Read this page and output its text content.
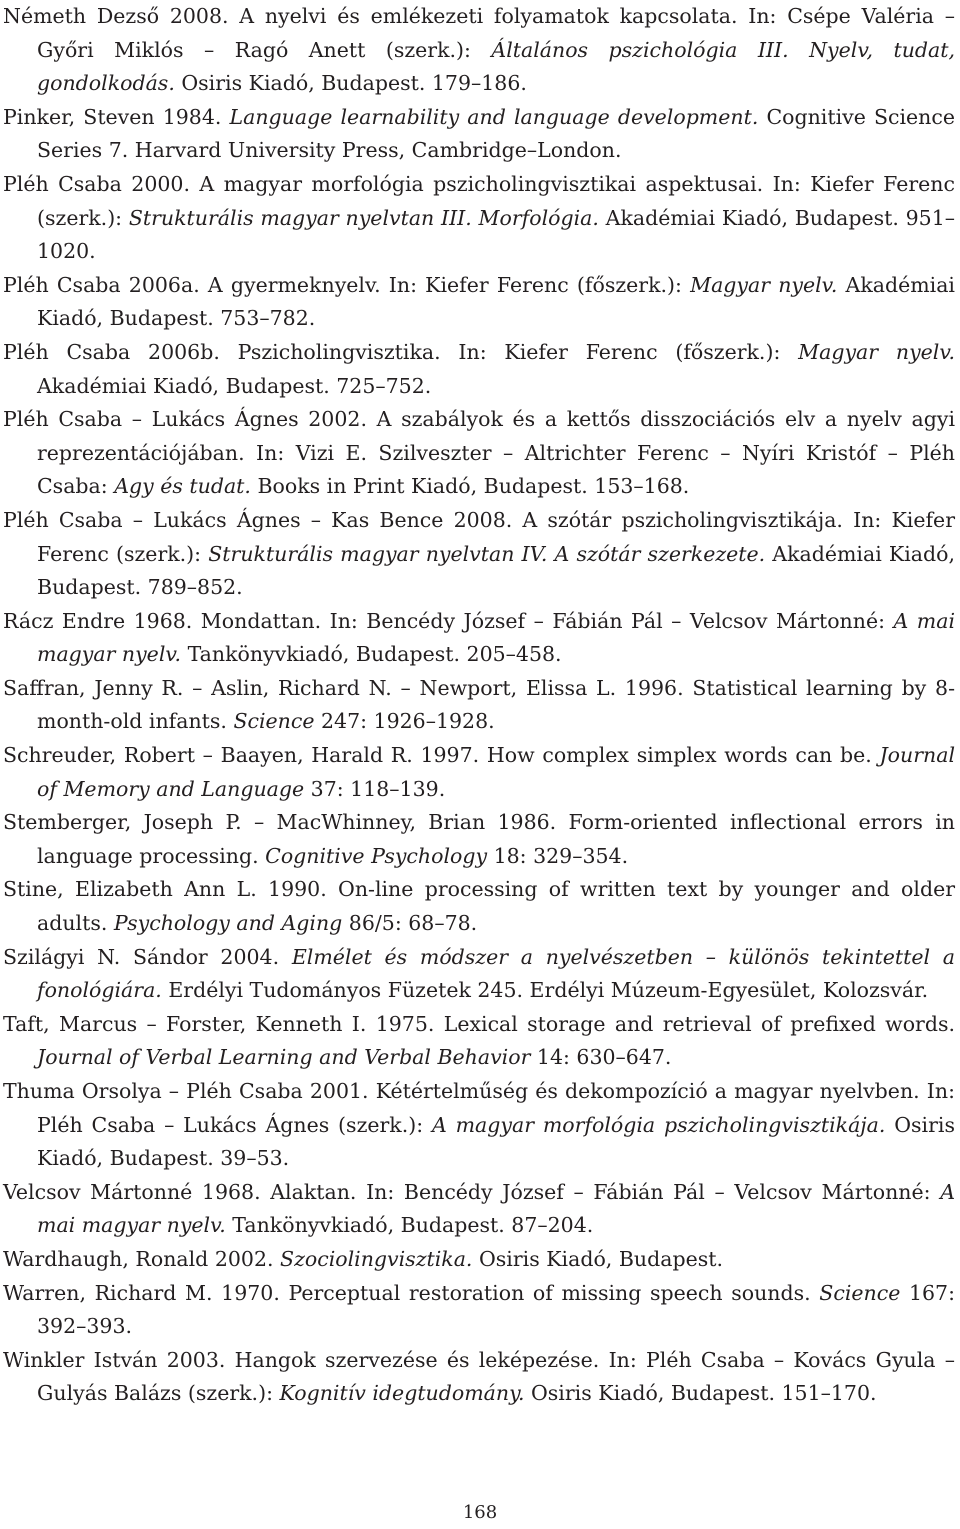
Németh Dezső 2008. A nyelvi és emlékezeti folyamatok kapcsolata. In: Csépe Valéria – Győri Miklós – Ragó Anett (szerk.): Általános pszichológia III. Nyelv, tudat, gondolkodás. Osiris Kiadó, Budapest. 179–186.
Pinker, Steven 1984. Language learnability and language development. Cognitive Science Series 7. Harvard University Press, Cambridge–London.
Pléh Csaba 2000. A magyar morfológia pszicholingvisztikai aspektusai. In: Kiefer Ferenc (szerk.): Strukturális magyar nyelvtan III. Morfológia. Akadémiai Kiadó, Budapest. 951–1020.
Pléh Csaba 2006a. A gyermeknyelv. In: Kiefer Ferenc (főszerk.): Magyar nyelv. Akadémiai Kiadó, Budapest. 753–782.
Pléh Csaba 2006b. Pszicholingvisztika. In: Kiefer Ferenc (főszerk.): Magyar nyelv. Akadémiai Kiadó, Budapest. 725–752.
Pléh Csaba – Lukács Ágnes 2002. A szabályok és a kettős disszociációs elv a nyelv agyi reprezentációjában. In: Vizi E. Szilveszter – Altrichter Ferenc – Nyíri Kristóf – Pléh Csaba: Agy és tudat. Books in Print Kiadó, Budapest. 153–168.
Pléh Csaba – Lukács Ágnes – Kas Bence 2008. A szótár pszicholingvisztikája. In: Kiefer Ferenc (szerk.): Strukturális magyar nyelvtan IV. A szótár szerkezete. Akadémiai Kiadó, Budapest. 789–852.
Rácz Endre 1968. Mondattan. In: Bencédy József – Fábián Pál – Velcsov Mártonné: A mai magyar nyelv. Tankönyvkiadó, Budapest. 205–458.
Saffran, Jenny R. – Aslin, Richard N. – Newport, Elissa L. 1996. Statistical learning by 8-month-old infants. Science 247: 1926–1928.
Schreuder, Robert – Baayen, Harald R. 1997. How complex simplex words can be. Journal of Memory and Language 37: 118–139.
Stemberger, Joseph P. – MacWhinney, Brian 1986. Form-oriented inflectional errors in language processing. Cognitive Psychology 18: 329–354.
Stine, Elizabeth Ann L. 1990. On-line processing of written text by younger and older adults. Psychology and Aging 86/5: 68–78.
Szilágyi N. Sándor 2004. Elmélet és módszer a nyelvészetben – különös tekintettel a fonológiára. Erdélyi Tudományos Füzetek 245. Erdélyi Múzeum-Egyesület, Kolozsvár.
Taft, Marcus – Forster, Kenneth I. 1975. Lexical storage and retrieval of prefixed words. Journal of Verbal Learning and Verbal Behavior 14: 630–647.
Thuma Orsolya – Pléh Csaba 2001. Kétértelműség és dekompozíció a magyar nyelvben. In: Pléh Csaba – Lukács Ágnes (szerk.): A magyar morfológia pszicholingvisztikája. Osiris Kiadó, Budapest. 39–53.
Velcsov Mártonné 1968. Alaktan. In: Bencédy József – Fábián Pál – Velcsov Mártonné: A mai magyar nyelv. Tankönyvkiadó, Budapest. 87–204.
Wardhaugh, Ronald 2002. Szociolingvisztika. Osiris Kiadó, Budapest.
Warren, Richard M. 1970. Perceptual restoration of missing speech sounds. Science 167: 392–393.
Winkler István 2003. Hangok szervezése és leképezése. In: Pléh Csaba – Kovács Gyula – Gulyás Balázs (szerk.): Kognitív idegtudomány. Osiris Kiadó, Budapest. 151–170.
168
